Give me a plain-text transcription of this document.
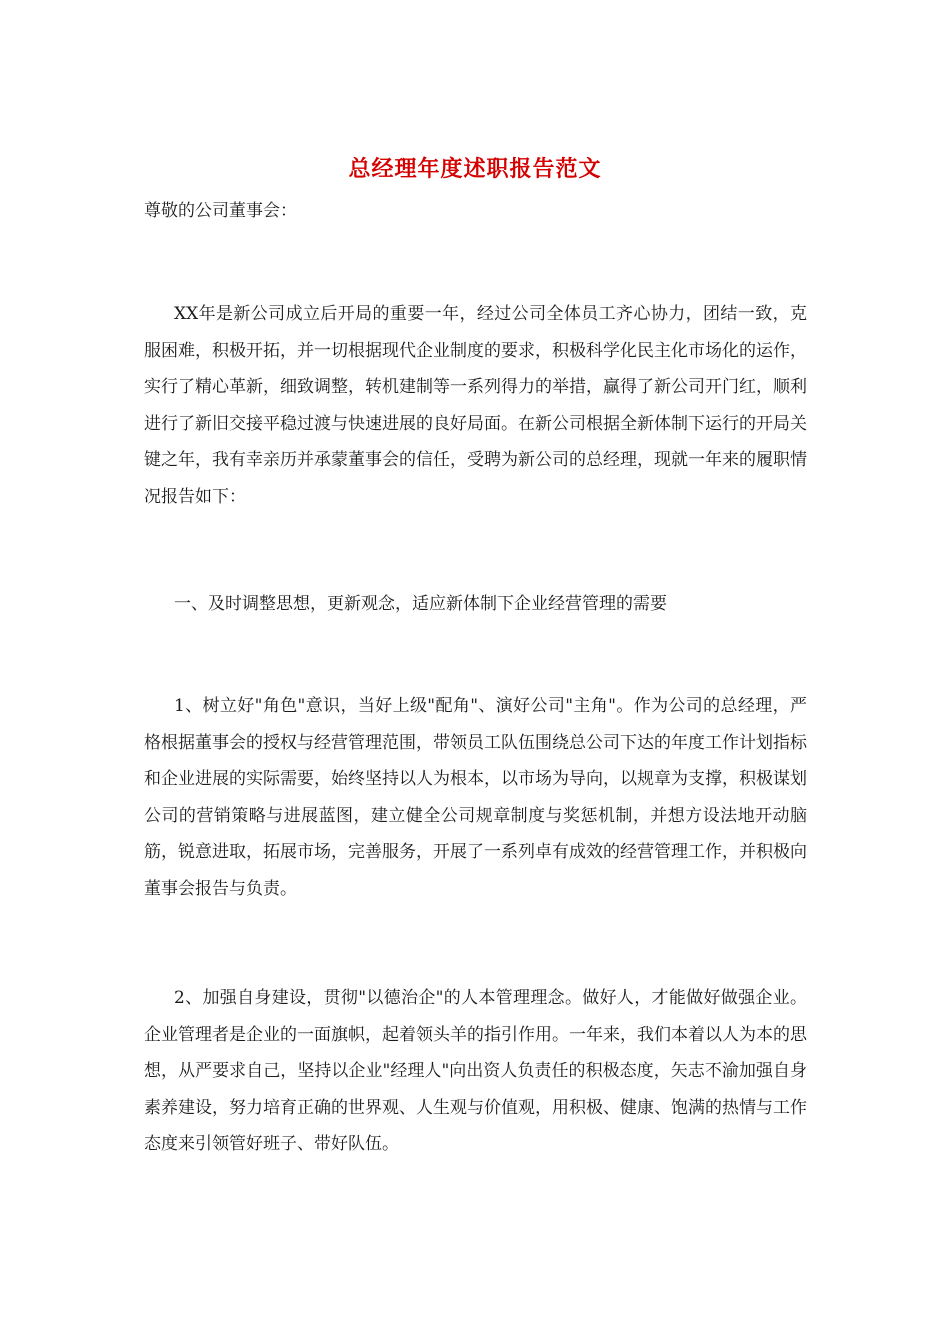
总经理年度述职报告范文
尊敬的公司董事会：

XX年是新公司成立后开局的重要一年，经过公司全体员工齐心协力，团结一致，克服困难，积极开拓，并一切根据现代企业制度的要求，积极科学化民主化市场化的运作，实行了精心革新，细致调整，转机建制等一系列得力的举措，赢得了新公司开门红，顺利进行了新旧交接平稳过渡与快速进展的良好局面。在新公司根据全新体制下运行的开局关键之年，我有幸亲历并承蒙董事会的信任，受聘为新公司的总经理，现就一年来的履职情况报告如下：

一、及时调整思想，更新观念，适应新体制下企业经营管理的需要

1、树立好"角色"意识，当好上级"配角"、演好公司"主角"。作为公司的总经理，严格根据董事会的授权与经营管理范围，带领员工队伍围绕总公司下达的年度工作计划指标和企业进展的实际需要，始终坚持以人为根本，以市场为导向，以规章为支撑，积极谋划公司的营销策略与进展蓝图，建立健全公司规章制度与奖惩机制，并想方设法地开动脑筋，锐意进取，拓展市场，完善服务，开展了一系列卓有成效的经营管理工作，并积极向董事会报告与负责。

2、加强自身建设，贯彻"以德治企"的人本管理理念。做好人，才能做好做强企业。企业管理者是企业的一面旗帜，起着领头羊的指引作用。一年来，我们本着以人为本的思想，从严要求自己，坚持以企业"经理人"向出资人负责任的积极态度，矢志不渝加强自身素养建设，努力培育正确的世界观、人生观与价值观，用积极、健康、饱满的热情与工作态度来引领管好班子、带好队伍。
